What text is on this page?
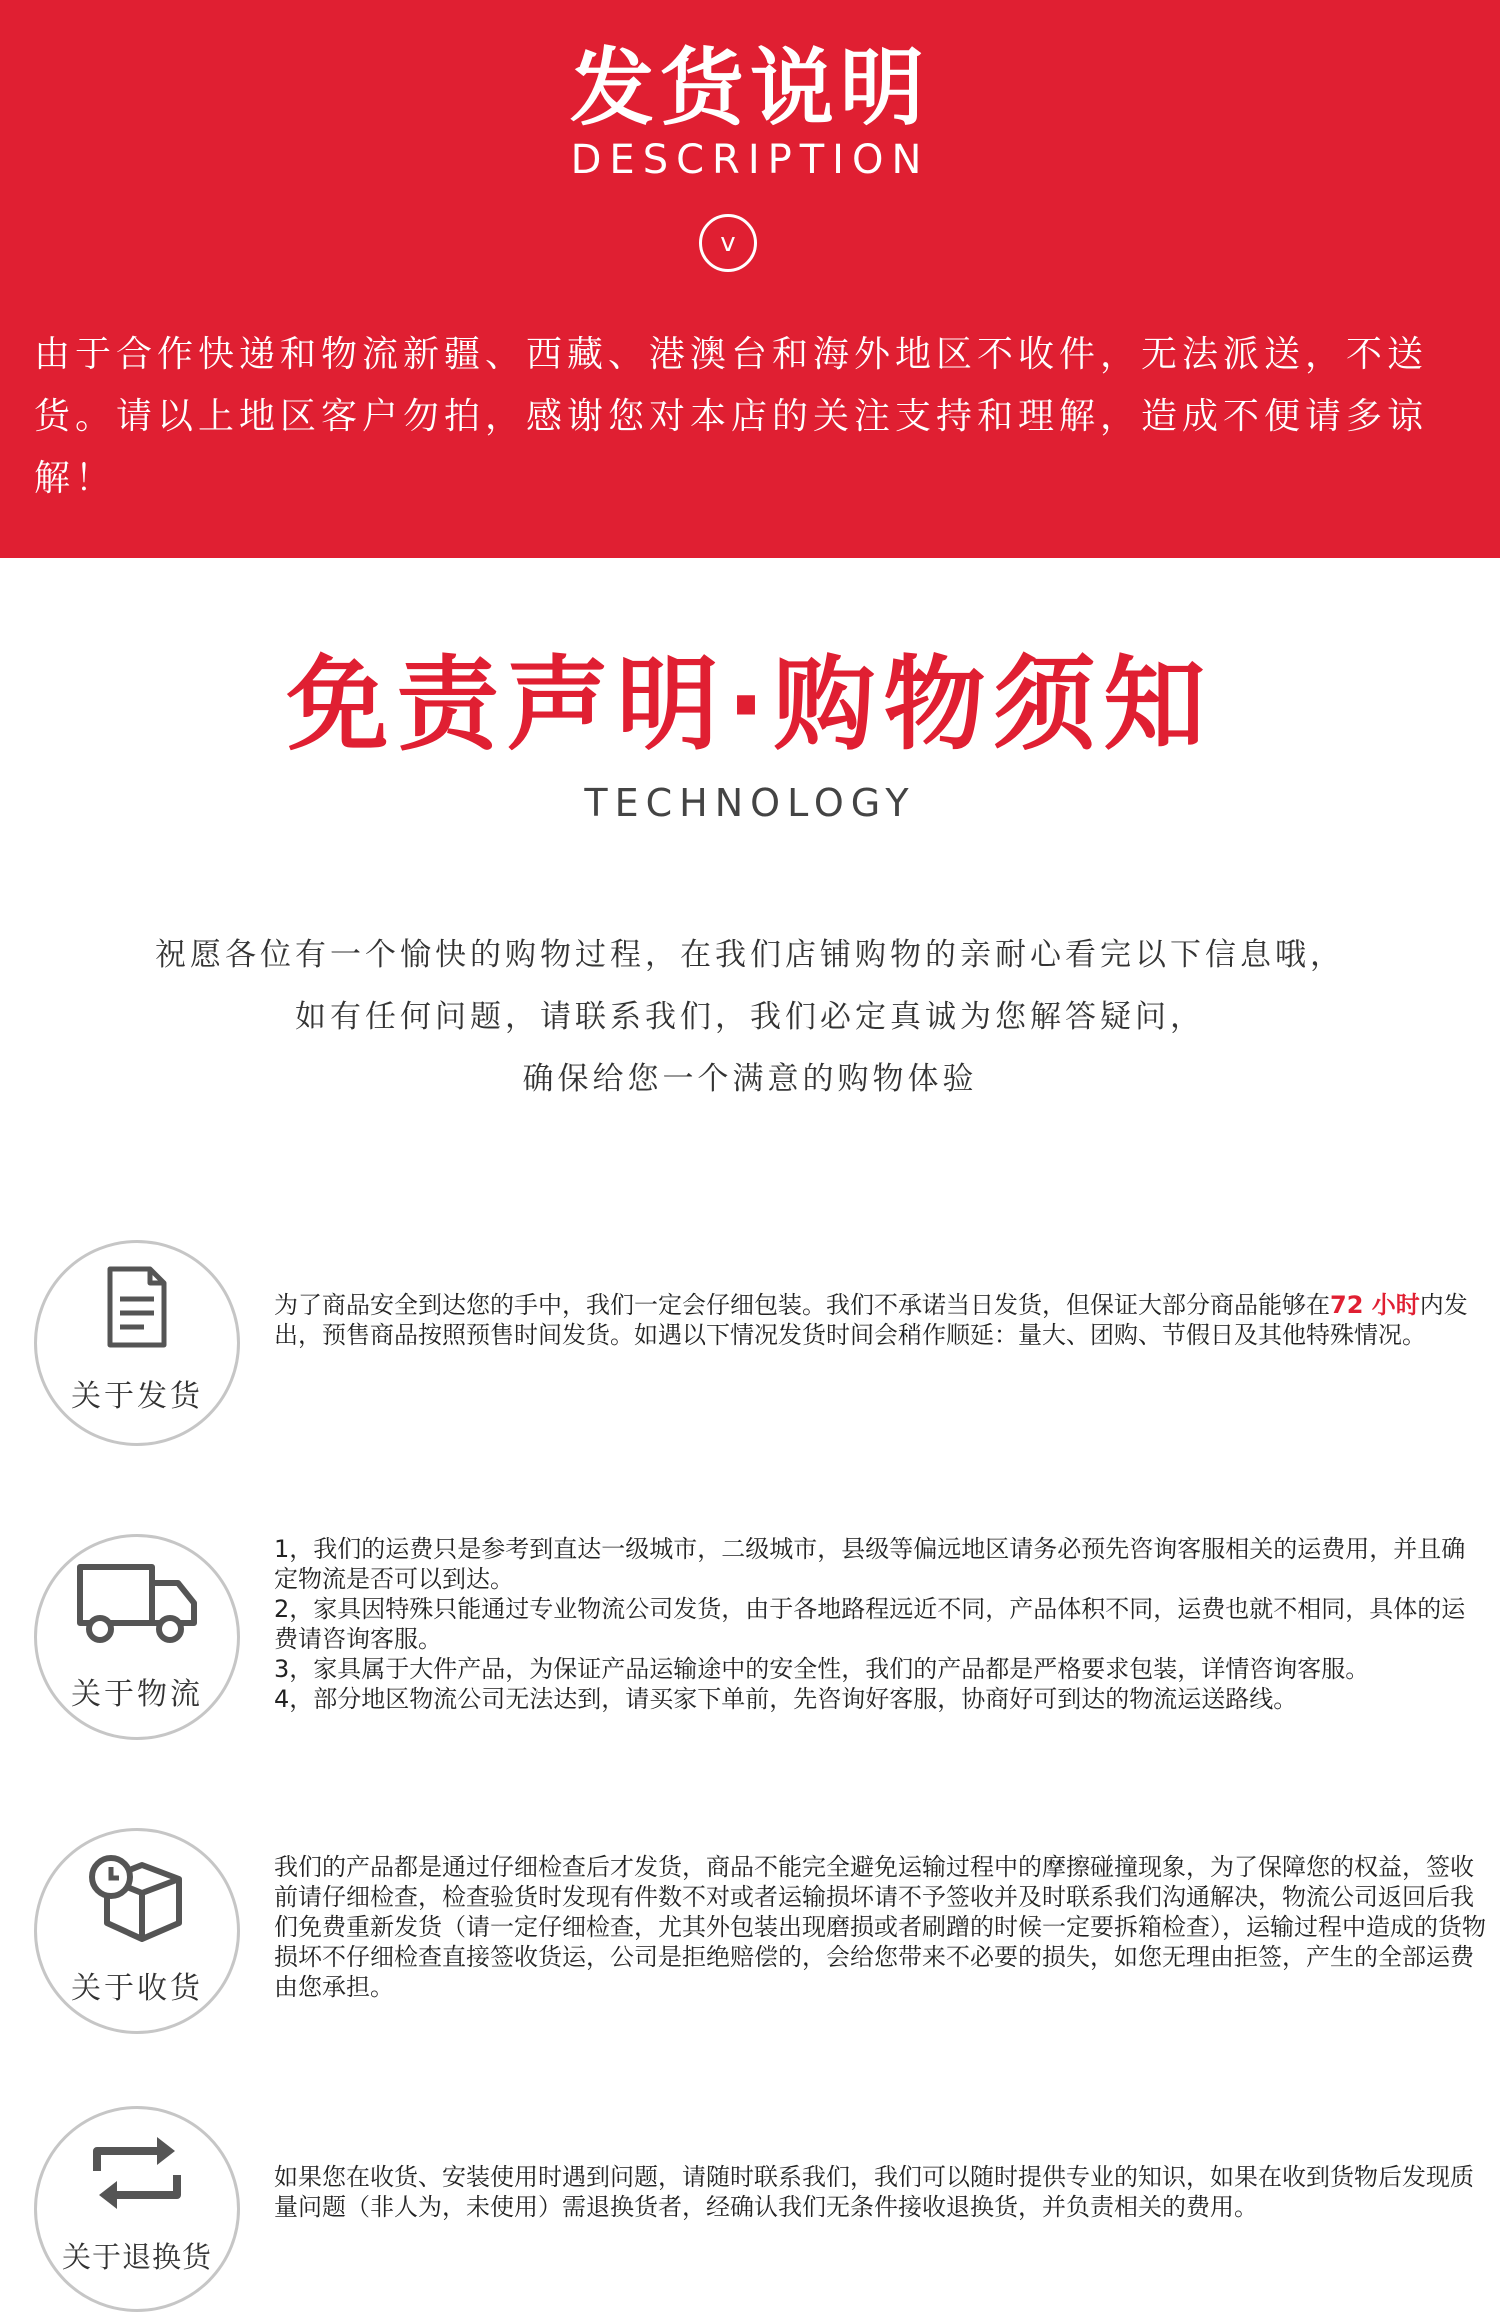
发货说明
DESCRIPTION
v
由于合作快递和物流新疆、西藏、港澳台和海外地区不收件，无法派送，不送货。请以上地区客户勿拍，感谢您对本店的关注支持和理解，造成不便请多谅解！
免责声明·购物须知
TECHNOLOGY
祝愿各位有一个愉快的购物过程，在我们店铺购物的亲耐心看完以下信息哦，
如有任何问题，请联系我们，我们必定真诚为您解答疑问，
确保给您一个满意的购物体验
关于发货
为了商品安全到达您的手中，我们一定会仔细包装。我们不承诺当日发货，但保证大部分商品能够在72 小时内发出，预售商品按照预售时间发货。如遇以下情况发货时间会稍作顺延：量大、团购、节假日及其他特殊情况。
关于物流

1，我们的运费只是参考到直达一级城市，二级城市，县级等偏远地区请务必预先咨询客服相关的运费用，并且确定物流是否可以到达。

2，家具因特殊只能通过专业物流公司发货，由于各地路程远近不同，产品体积不同，运费也就不相同，具体的运费请咨询客服。

3，家具属于大件产品，为保证产品运输途中的安全性，我们的产品都是严格要求包装，详情咨询客服。

4，部分地区物流公司无法达到，请买家下单前，先咨询好客服，协商好可到达的物流运送路线。

关于收货
我们的产品都是通过仔细检查后才发货，商品不能完全避免运输过程中的摩擦碰撞现象，为了保障您的权益，签收前请仔细检查，检查验货时发现有件数不对或者运输损坏请不予签收并及时联系我们沟通解决，物流公司返回后我们免费重新发货（请一定仔细检查，尤其外包装出现磨损或者刷蹭的时候一定要拆箱检查），运输过程中造成的货物损坏不仔细检查直接签收货运，公司是拒绝赔偿的，会给您带来不必要的损失，如您无理由拒签，产生的全部运费由您承担。
关于退换货
如果您在收货、安装使用时遇到问题，请随时联系我们，我们可以随时提供专业的知识，如果在收到货物后发现质量问题（非人为，未使用）需退换货者，经确认我们无条件接收退换货，并负责相关的费用。
